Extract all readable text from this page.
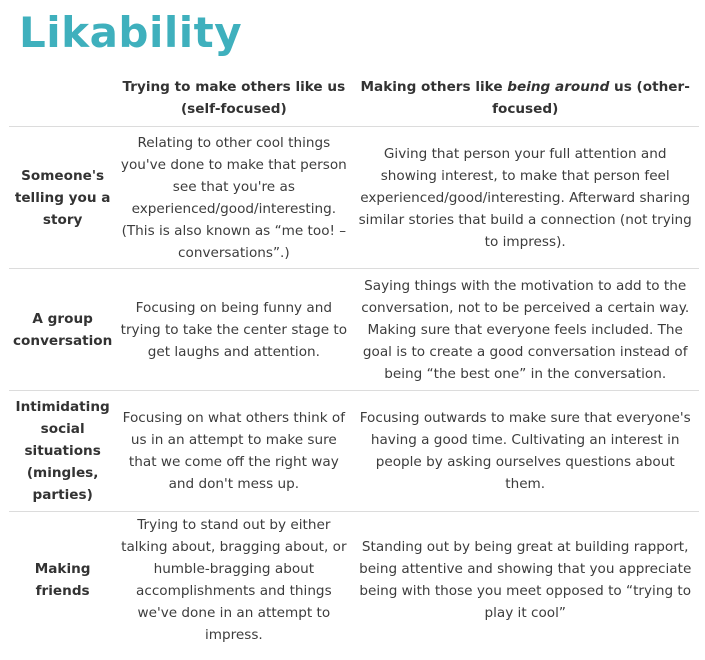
Likability
	Trying to make others like us (self-focused)	Making others like being around us (other-focused)
Someone's telling you a story	Relating to other cool things you've done to make that person see that you're as experienced/good/interesting. (This is also known as “me too! – conversations”.)	Giving that person your full attention and showing interest, to make that person feel experienced/good/interesting. Afterward sharing similar stories that build a connection (not trying to impress).
A group conversation	Focusing on being funny and trying to take the center stage to get laughs and attention.	Saying things with the motivation to add to the conversation, not to be perceived a certain way. Making sure that everyone feels included. The goal is to create a good conversation instead of being “the best one” in the conversation.
Intimidating social situations (mingles, parties)	Focusing on what others think of us in an attempt to make sure that we come off the right way and don't mess up.	Focusing outwards to make sure that everyone's having a good time. Cultivating an interest in people by asking ourselves questions about them.
Making friends	Trying to stand out by either talking about, bragging about, or humble-bragging about accomplishments and things we've done in an attempt to impress.	Standing out by being great at building rapport, being attentive and showing that you appreciate being with those you meet opposed to “trying to play it cool”
